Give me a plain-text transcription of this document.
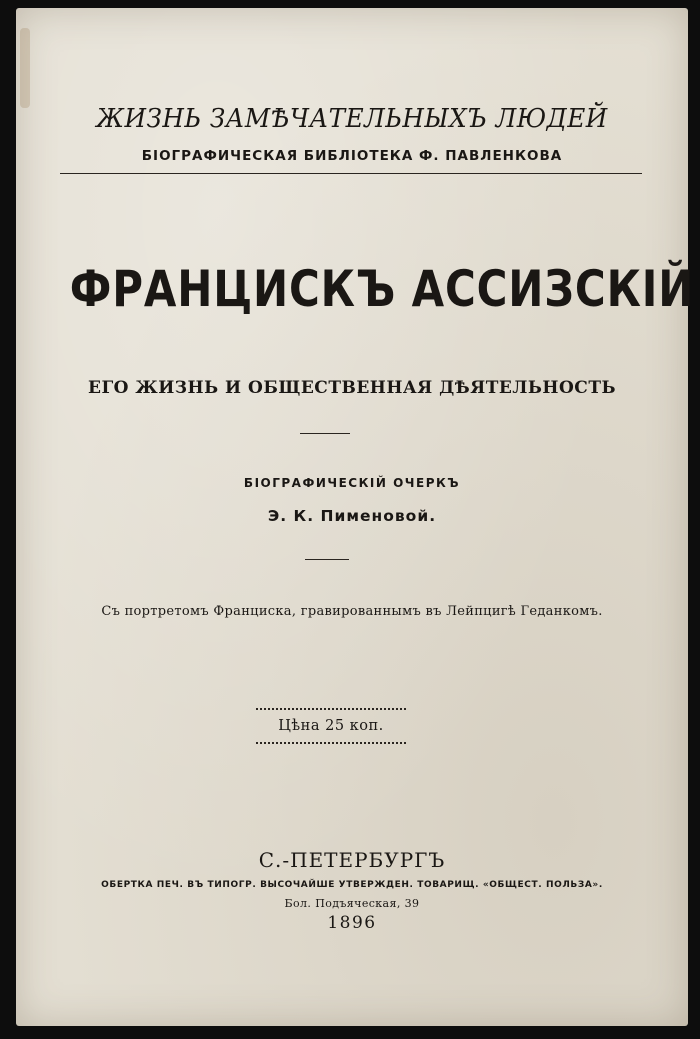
ЖИЗНЬ ЗАМѢЧАТЕЛЬНЫХЪ ЛЮДЕЙ
БІОГРАФИЧЕСКАЯ БИБЛІОТЕКА Ф. ПАВЛЕНКОВА
ФРАНЦИСКЪ АССИЗСКІЙ
ЕГО ЖИЗНЬ И ОБЩЕСТВЕННАЯ ДѢЯТЕЛЬНОСТЬ
БІОГРАФИЧЕСКІЙ ОЧЕРКЪ
Э. К. Пименовой.
Съ портретомъ Франциска, гравированнымъ въ Лейпцигѣ Геданкомъ.
Цѣна 25 коп.
С.-ПЕТЕРБУРГЪ
ОБЕРТКА ПЕЧ. ВЪ ТИПОГР. ВЫСОЧАЙШЕ УТВЕРЖДЕН. ТОВАРИЩ. «ОБЩЕСТ. ПОЛЬЗА».
Бол. Подъяческая, 39
1896
